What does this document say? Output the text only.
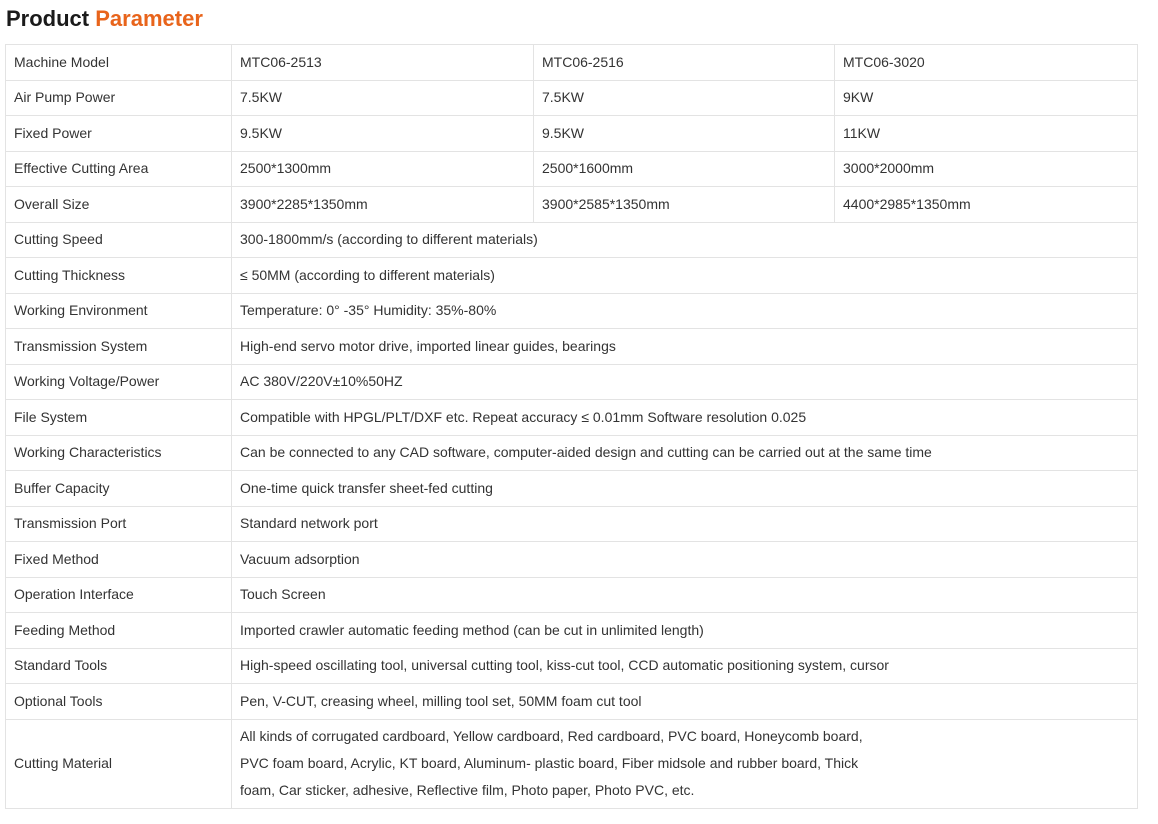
Product Parameter
Machine Model	MTC06-2513	MTC06-2516	MTC06-3020
Air Pump Power	7.5KW	7.5KW	9KW
Fixed Power	9.5KW	9.5KW	11KW
Effective Cutting Area	2500*1300mm	2500*1600mm	3000*2000mm
Overall Size	3900*2285*1350mm	3900*2585*1350mm	4400*2985*1350mm
Cutting Speed	300-1800mm/s (according to different materials)		
Cutting Thickness	≤ 50MM (according to different materials)		
Working Environment	Temperature: 0° -35° Humidity: 35%-80%		
Transmission System	High-end servo motor drive, imported linear guides, bearings		
Working Voltage/Power	AC 380V/220V±10%50HZ		
File System	Compatible with HPGL/PLT/DXF etc. Repeat accuracy ≤ 0.01mm Software resolution 0.025		
Working Characteristics	Can be connected to any CAD software, computer-aided design and cutting can be carried out at the same time		
Buffer Capacity	One-time quick transfer sheet-fed cutting		
Transmission Port	Standard network port		
Fixed Method	Vacuum adsorption		
Operation Interface	Touch Screen		
Feeding Method	Imported crawler automatic feeding method (can be cut in unlimited length)		
Standard Tools	High-speed oscillating tool, universal cutting tool, kiss-cut tool, CCD automatic positioning system, cursor		
Optional Tools	Pen, V-CUT, creasing wheel, milling tool set, 50MM foam cut tool		
Cutting Material	All kinds of corrugated cardboard, Yellow cardboard, Red cardboard, PVC board, Honeycomb board, PVC foam board, Acrylic, KT board, Aluminum- plastic board, Fiber midsole and rubber board, Thick foam, Car sticker, adhesive, Reflective film, Photo paper, Photo PVC, etc.		
